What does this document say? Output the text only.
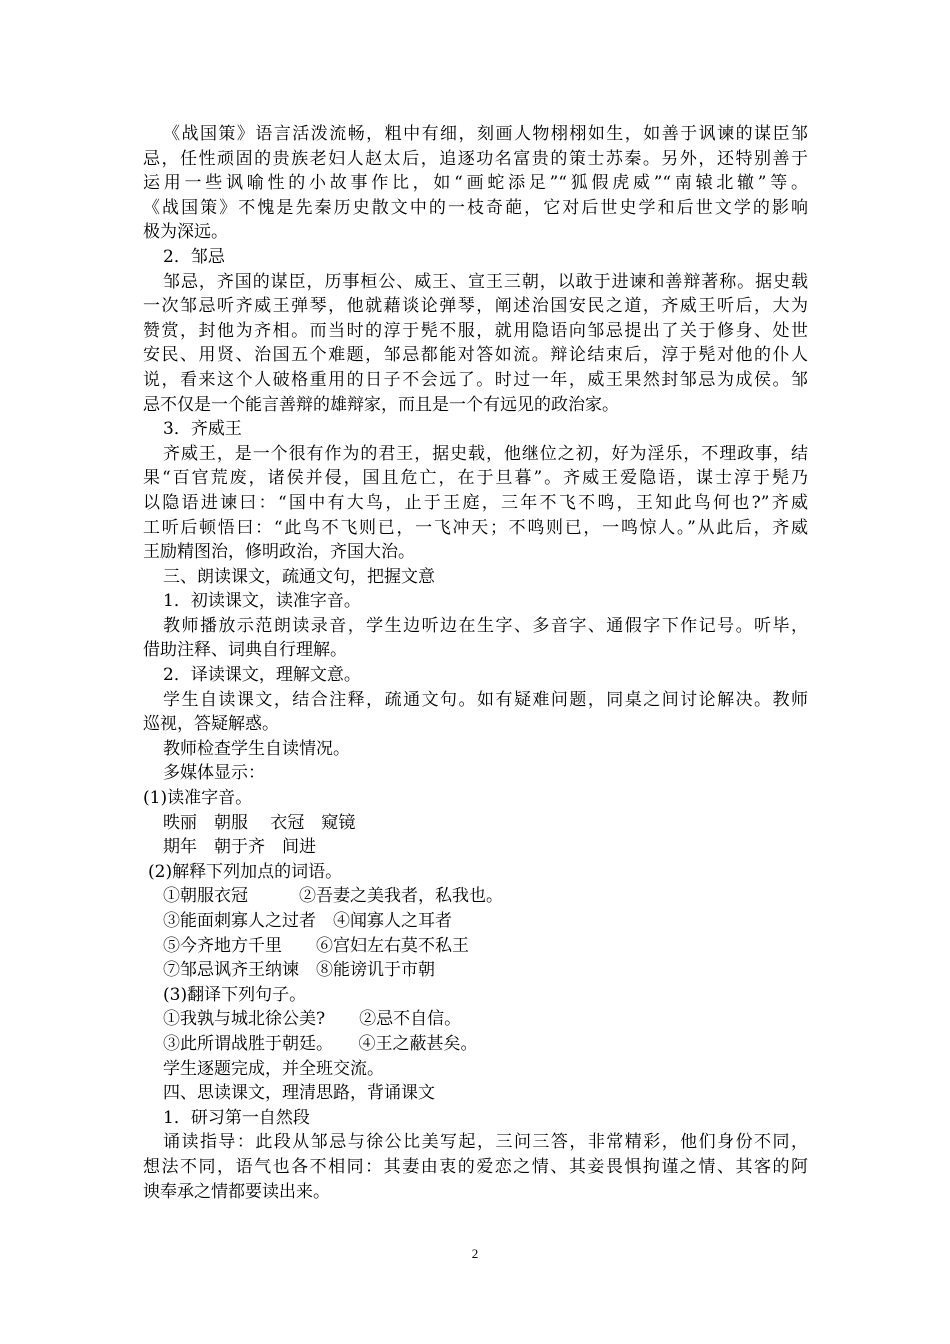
《战国策》语言活泼流畅，粗中有细，刻画人物栩栩如生，如善于讽谏的谋臣邹
忌，任性顽固的贵族老妇人赵太后，追逐功名富贵的策士苏秦。另外，还特别善于
运用一些讽喻性的小故事作比，如“画蛇添足”“狐假虎威”“南辕北辙”等。
《战国策》不愧是先秦历史散文中的一枝奇葩，它对后世史学和后世文学的影响
极为深远。
2．邹忌
邹忌，齐国的谋臣，历事桓公、威王、宣王三朝，以敢于进谏和善辩著称。据史载
一次邹忌听齐威王弹琴，他就藉谈论弹琴，阐述治国安民之道，齐威王听后，大为
赞赏，封他为齐相。而当时的淳于髡不服，就用隐语向邹忌提出了关于修身、处世
安民、用贤、治国五个难题，邹忌都能对答如流。辩论结束后，淳于髡对他的仆人
说，看来这个人破格重用的日子不会远了。时过一年，威王果然封邹忌为成侯。邹
忌不仅是一个能言善辩的雄辩家，而且是一个有远见的政治家。
3．齐威王
齐威王，是一个很有作为的君王，据史载，他继位之初，好为淫乐，不理政事，结
果“百官荒废，诸侯并侵，国且危亡，在于旦暮”。齐威王爱隐语，谋士淳于髡乃
以隐语进谏曰：“国中有大鸟，止于王庭，三年不飞不鸣，王知此鸟何也?”齐威
工听后顿悟曰：“此鸟不飞则已，一飞冲天；不鸣则已，一鸣惊人。”从此后，齐威
王励精图治，修明政治，齐国大治。
三、朗读课文，疏通文句，把握文意
1．初读课文，读准字音。
教师播放示范朗读录音，学生边听边在生字、多音字、通假字下作记号。听毕，
借助注释、词典自行理解。
2．译读课文，理解文意。
学生自读课文，结合注释，疏通文句。如有疑难问题，同桌之间讨论解决。教师
巡视，答疑解惑。
教师检查学生自读情况。
多媒体显示：
(1)读准字音。
昳丽　朝服　 衣冠　窥镜
期年　朝于齐　间进
(2)解释下列加点的词语。
①朝服衣冠　　　②吾妻之美我者，私我也。
③能面刺寡人之过者　④闻寡人之耳者
⑤今齐地方千里　　⑥宫妇左右莫不私王
⑦邹忌讽齐王纳谏　⑧能谤讥于市朝
(3)翻译下列句子。
①我孰与城北徐公美?　　②忌不自信。
③此所谓战胜于朝廷。　　④王之蔽甚矣。
学生逐题完成，并全班交流。
四、思读课文，理清思路，背诵课文
1．研习第一自然段
诵读指导：此段从邹忌与徐公比美写起，三问三答，非常精彩，他们身份不同，
想法不同，语气也各不相同：其妻由衷的爱恋之情、其妾畏惧拘谨之情、其客的阿
谀奉承之情都要读出来。
2
